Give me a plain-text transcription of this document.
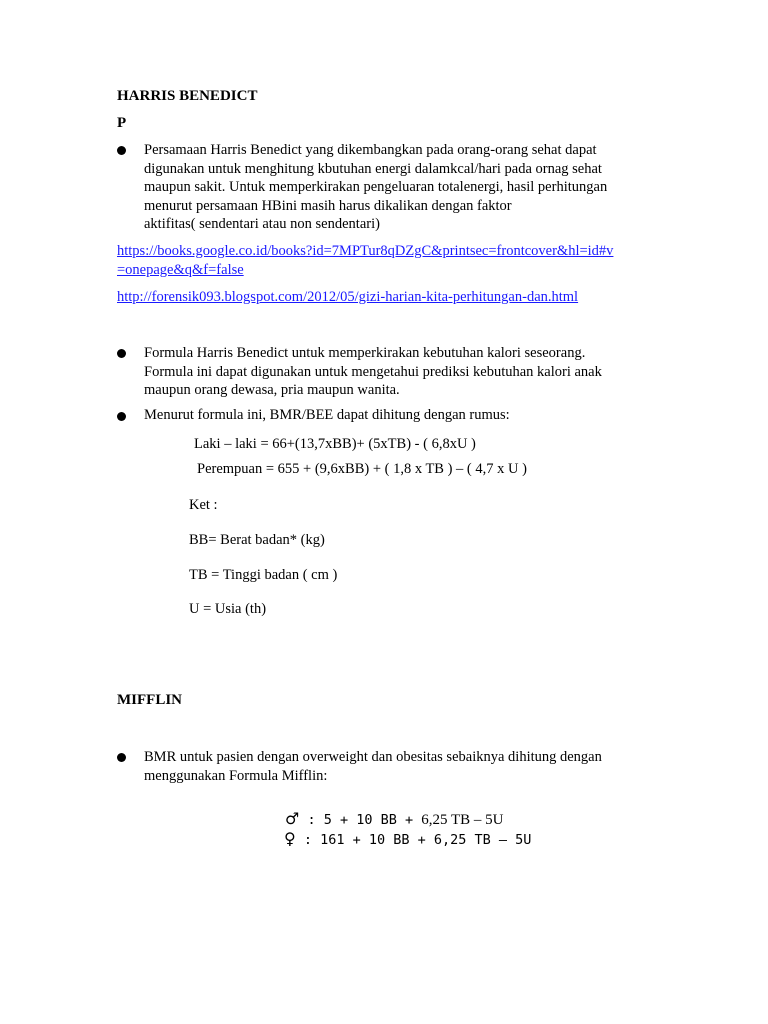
HARRIS BENEDICT
P
Persamaan Harris Benedict yang dikembangkan pada orang-orang sehat dapat
digunakan untuk menghitung kbutuhan energi dalamkcal/hari pada ornag sehat
maupun sakit. Untuk memperkirakan pengeluaran totalenergi, hasil perhitungan
menurut persamaan HBini masih harus dikalikan dengan faktor
aktifitas( sendentari atau non sendentari)
https://books.google.co.id/books?id=7MPTur8qDZgC&printsec=frontcover&hl=id#v
=onepage&q&f=false
http://forensik093.blogspot.com/2012/05/gizi-harian-kita-perhitungan-dan.html
Formula Harris Benedict untuk memperkirakan kebutuhan kalori seseorang.
Formula ini dapat digunakan untuk mengetahui prediksi kebutuhan kalori anak
maupun orang dewasa, pria maupun wanita.
Menurut formula ini, BMR/BEE dapat dihitung dengan rumus:
Laki – laki = 66+(13,7xBB)+ (5xTB) - ( 6,8xU )
Perempuan = 655 + (9,6xBB) + ( 1,8 x TB ) – ( 4,7 x U )
Ket :
BB= Berat badan* (kg)
TB = Tinggi badan ( cm )
U = Usia (th)
MIFFLIN
BMR untuk pasien dengan overweight dan obesitas sebaiknya dihitung dengan
menggunakan Formula Mifflin:
♂ : 5 + 10 BB + 6,25 TB – 5U
♀ : 161 + 10 BB + 6,25 TB – 5U
